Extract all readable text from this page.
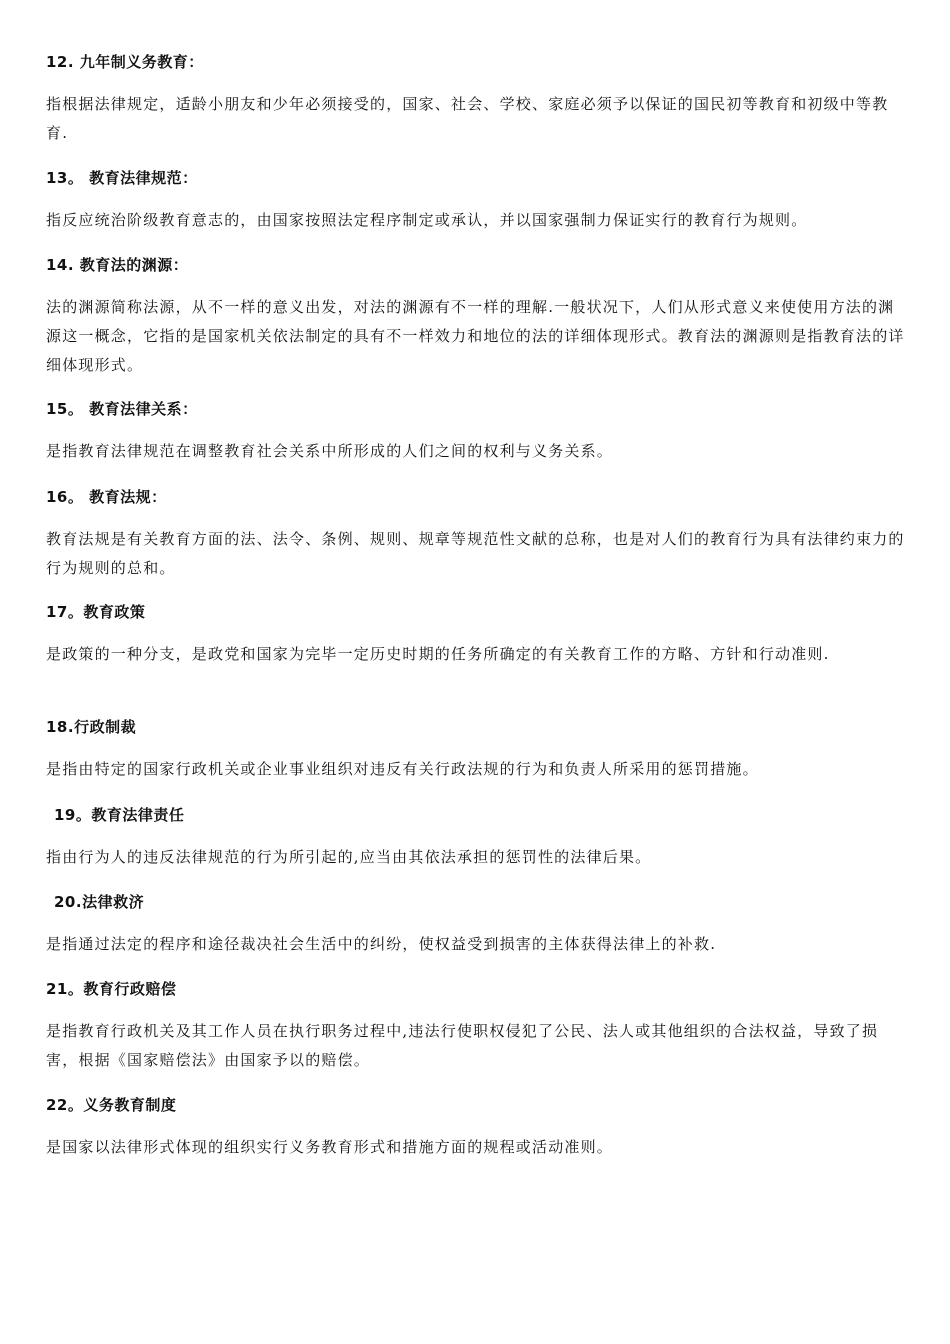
12. 九年制义务教育：
指根据法律规定，适龄小朋友和少年必须接受的，国家、社会、学校、家庭必须予以保证的国民初等教育和初级中等教育.
13。 教育法律规范：
指反应统治阶级教育意志的，由国家按照法定程序制定或承认，并以国家强制力保证实行的教育行为规则。
14. 教育法的渊源：
法的渊源简称法源，从不一样的意义出发，对法的渊源有不一样的理解.一般状况下，人们从形式意义来使使用方法的渊源这一概念，它指的是国家机关依法制定的具有不一样效力和地位的法的详细体现形式。教育法的渊源则是指教育法的详细体现形式。
15。 教育法律关系：
是指教育法律规范在调整教育社会关系中所形成的人们之间的权利与义务关系。
16。 教育法规：
教育法规是有关教育方面的法、法令、条例、规则、规章等规范性文献的总称，也是对人们的教育行为具有法律约束力的行为规则的总和。
17。教育政策
是政策的一种分支，是政党和国家为完毕一定历史时期的任务所确定的有关教育工作的方略、方针和行动准则.
18.行政制裁
是指由特定的国家行政机关或企业事业组织对违反有关行政法规的行为和负责人所采用的惩罚措施。
19。教育法律责任
指由行为人的违反法律规范的行为所引起的,应当由其依法承担的惩罚性的法律后果。
20.法律救济
是指通过法定的程序和途径裁决社会生活中的纠纷，使权益受到损害的主体获得法律上的补救.
21。教育行政赔偿
是指教育行政机关及其工作人员在执行职务过程中,违法行使职权侵犯了公民、法人或其他组织的合法权益，导致了损害，根据《国家赔偿法》由国家予以的赔偿。
22。义务教育制度
是国家以法律形式体现的组织实行义务教育形式和措施方面的规程或活动准则。
